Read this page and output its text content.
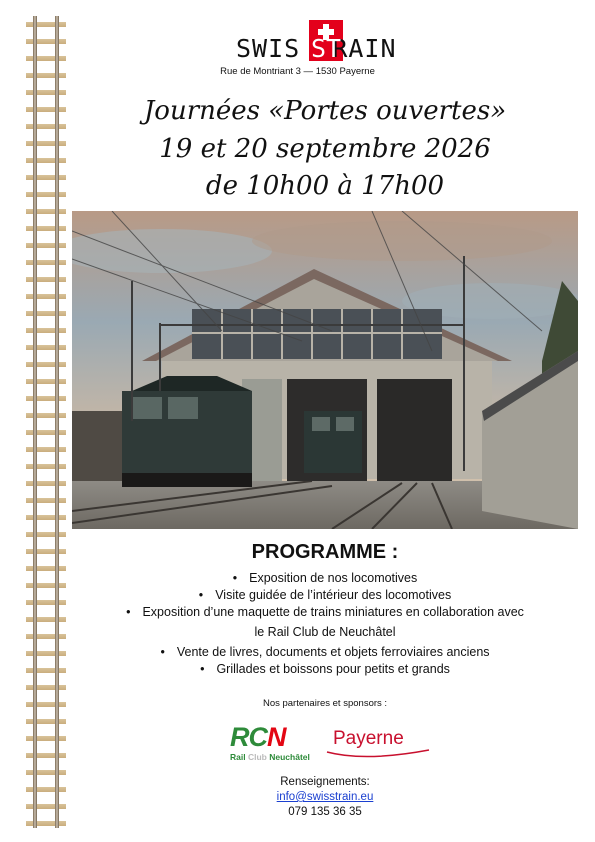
SWIS RAIN
ST
Rue de Montriant 3 — 1530 Payerne
Journées «Portes ouvertes»
19 et 20 septembre 2026
de 10h00 à 17h00
PROGRAMME :
• Exposition de nos locomotives
• Visite guidée de l’intérieur des locomotives
• Exposition d’une maquette de trains miniatures en collaboration avec
le Rail Club de Neuchâtel
• Vente de livres, documents et objets ferroviaires anciens
• Grillades et boissons pour petits et grands
Nos partenaires et sponsors :
RCN
Rail Club Neuchâtel
Payerne
Renseignements:
info@swisstrain.eu
079 135 36 35
